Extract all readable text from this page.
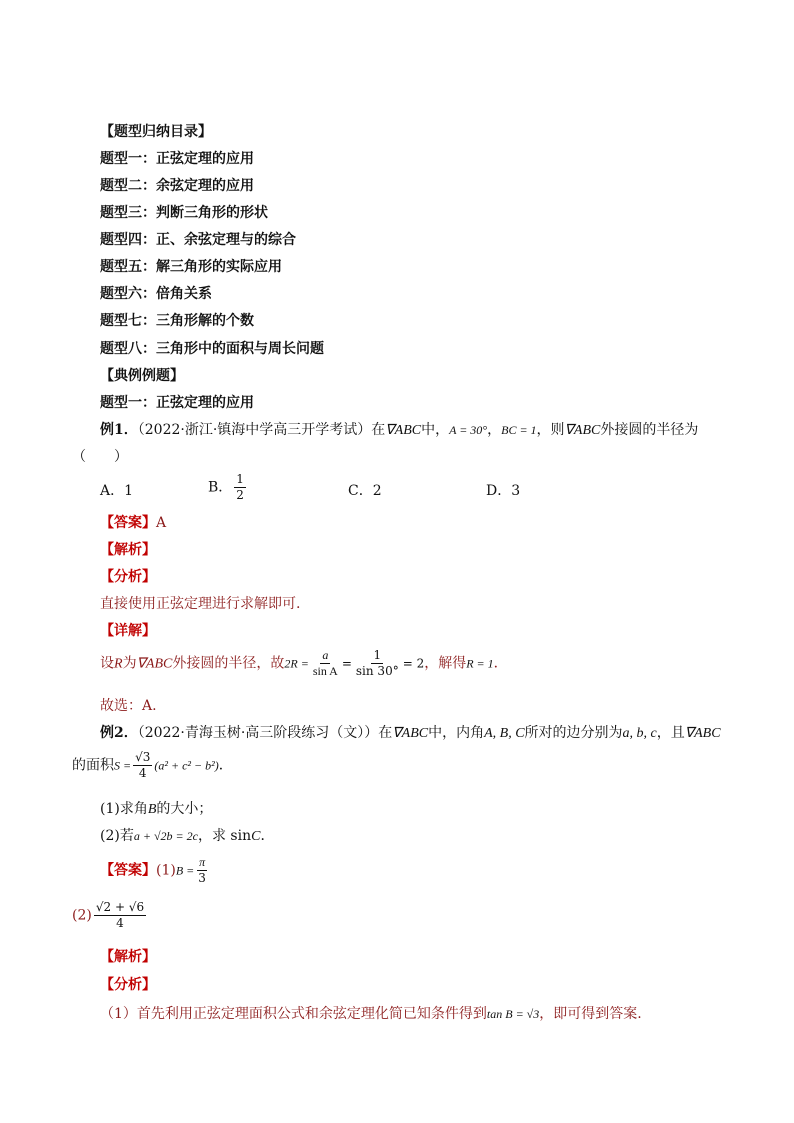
【题型归纳目录】
题型一：正弦定理的应用
题型二：余弦定理的应用
题型三：判断三角形的形状
题型四：正、余弦定理与的综合
题型五：解三角形的实际应用
题型六：倍角关系
题型七：三角形解的个数
题型八：三角形中的面积与周长问题
【典例例题】
题型一：正弦定理的应用
例1．（2022·浙江·镇海中学高三开学考试）在∇ABC中，A = 30°，BC = 1，则∇ABC外接圆的半径为
（　　）
A．1	B． $\frac{1}{2}$	C．2	D．3
【答案】A
【解析】
【分析】
直接使用正弦定理进行求解即可.
【详解】
设R为∇ABC外接圆的半径，故$2R = \frac{a}{\text{sin A}} = \frac{1}{\sin 30^\circ} = 2$，解得R = 1．
故选：A.
例2．（2022·青海玉树·高三阶段练习（文））在∇ABC中，内角A, B, C所对的边分别为a, b, c，且∇ABC
的面积$S = \frac{√3}{4} (a^2 + c^2 - b^2)$．
(1)求角B的大小；
(2)若a + √2b = 2c，求 sinC．
【答案】$(1)B = \frac{\pi}{3}$
$(2) \frac{√2 + √6}{4}$
【解析】
【分析】
（1）首先利用正弦定理面积公式和余弦定理化简已知条件得到tan B = √3，即可得到答案.
